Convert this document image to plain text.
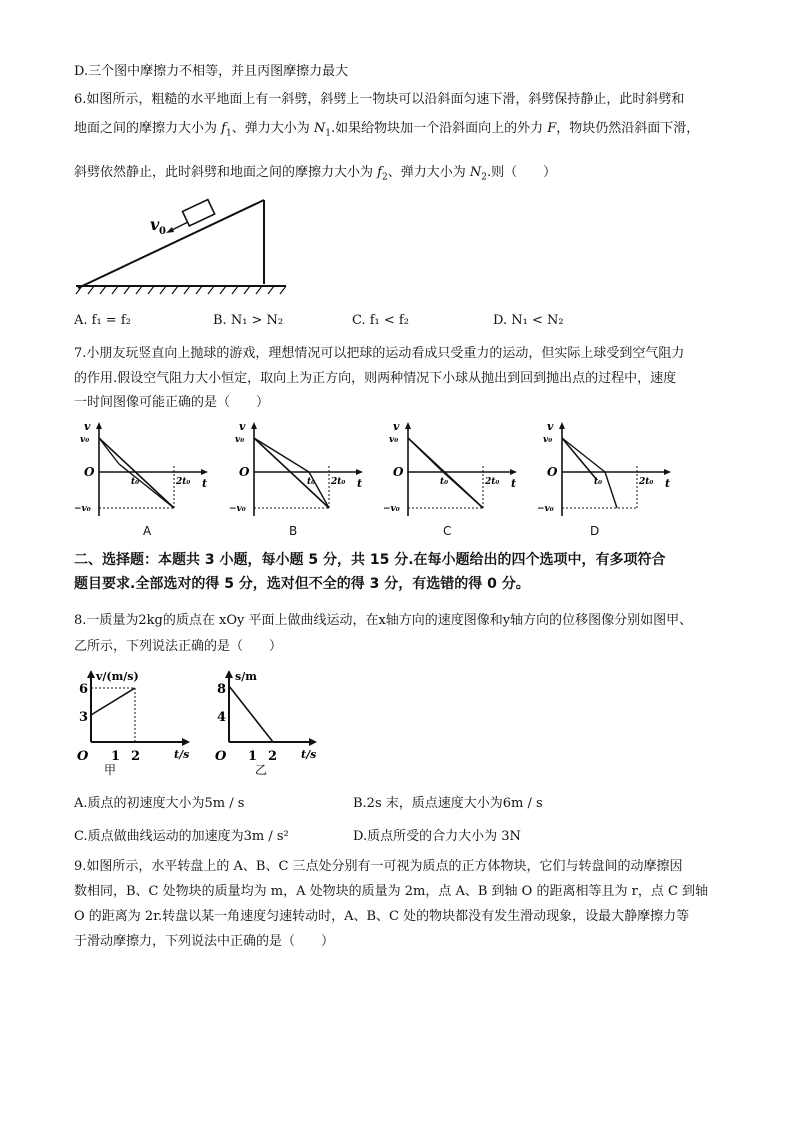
D.三个图中摩擦力不相等，并且丙图摩擦力最大
6.如图所示，粗糙的水平地面上有一斜劈，斜劈上一物块可以沿斜面匀速下滑，斜劈保持静止，此时斜劈和
地面之间的摩擦力大小为 $f_1$、弹力大小为 $N_1$.如果给物块加一个沿斜面向上的外力 F，物块仍然沿斜面下滑，
斜劈依然静止，此时斜劈和地面之间的摩擦力大小为 $f_2$、弹力大小为 $N_2$.则（　　）
v 0
A. f₁ = f₂	B. N₁ > N₂	C. f₁ < f₂	D. N₁ < N₂
7.小朋友玩竖直向上抛球的游戏，理想情况可以把球的运动看成只受重力的运动，但实际上球受到空气阻力
的作用.假设空气阻力大小恒定，取向上为正方向，则两种情况下小球从抛出到回到抛出点的过程中，速度
一时间图像可能正确的是（　　）
v
v₀
O
t
−v₀
t₀	2t₀
v
v₀
O
t
−v₀
t₀ 2t₀
v
v₀
O
t
−v₀
t₀	2t₀
v
v₀
O
t
−v₀
t₀	2t₀
A	B	C	D
二、选择题：本题共 3 小题，每小题 5 分，共 15 分.在每小题给出的四个选项中，有多项符合
题目要求.全部选对的得 5 分，选对但不全的得 3 分，有选错的得 0 分。
8.一质量为2kg的质点在 xOy 平面上做曲线运动，在x轴方向的速度图像和y轴方向的位移图像分别如图甲、
乙所示，下列说法正确的是（　　）
v/(m/s)
t/s
O
6
3
1 2
甲
s/m
t/s
O
8
4
1 2
乙
A.质点的初速度大小为5m / s	B.2s 末，质点速度大小为6m / s
C.质点做曲线运动的加速度为3m / s²	D.质点所受的合力大小为 3N
9.如图所示，水平转盘上的 A、B、C 三点处分别有一可视为质点的正方体物块，它们与转盘间的动摩擦因
数相同，B、C 处物块的质量均为 m，A 处物块的质量为 2m，点 A、B 到轴 O 的距离相等且为 r，点 C 到轴
O 的距离为 2r.转盘以某一角速度匀速转动时，A、B、C 处的物块都没有发生滑动现象，设最大静摩擦力等
于滑动摩擦力，下列说法中正确的是（　　）
